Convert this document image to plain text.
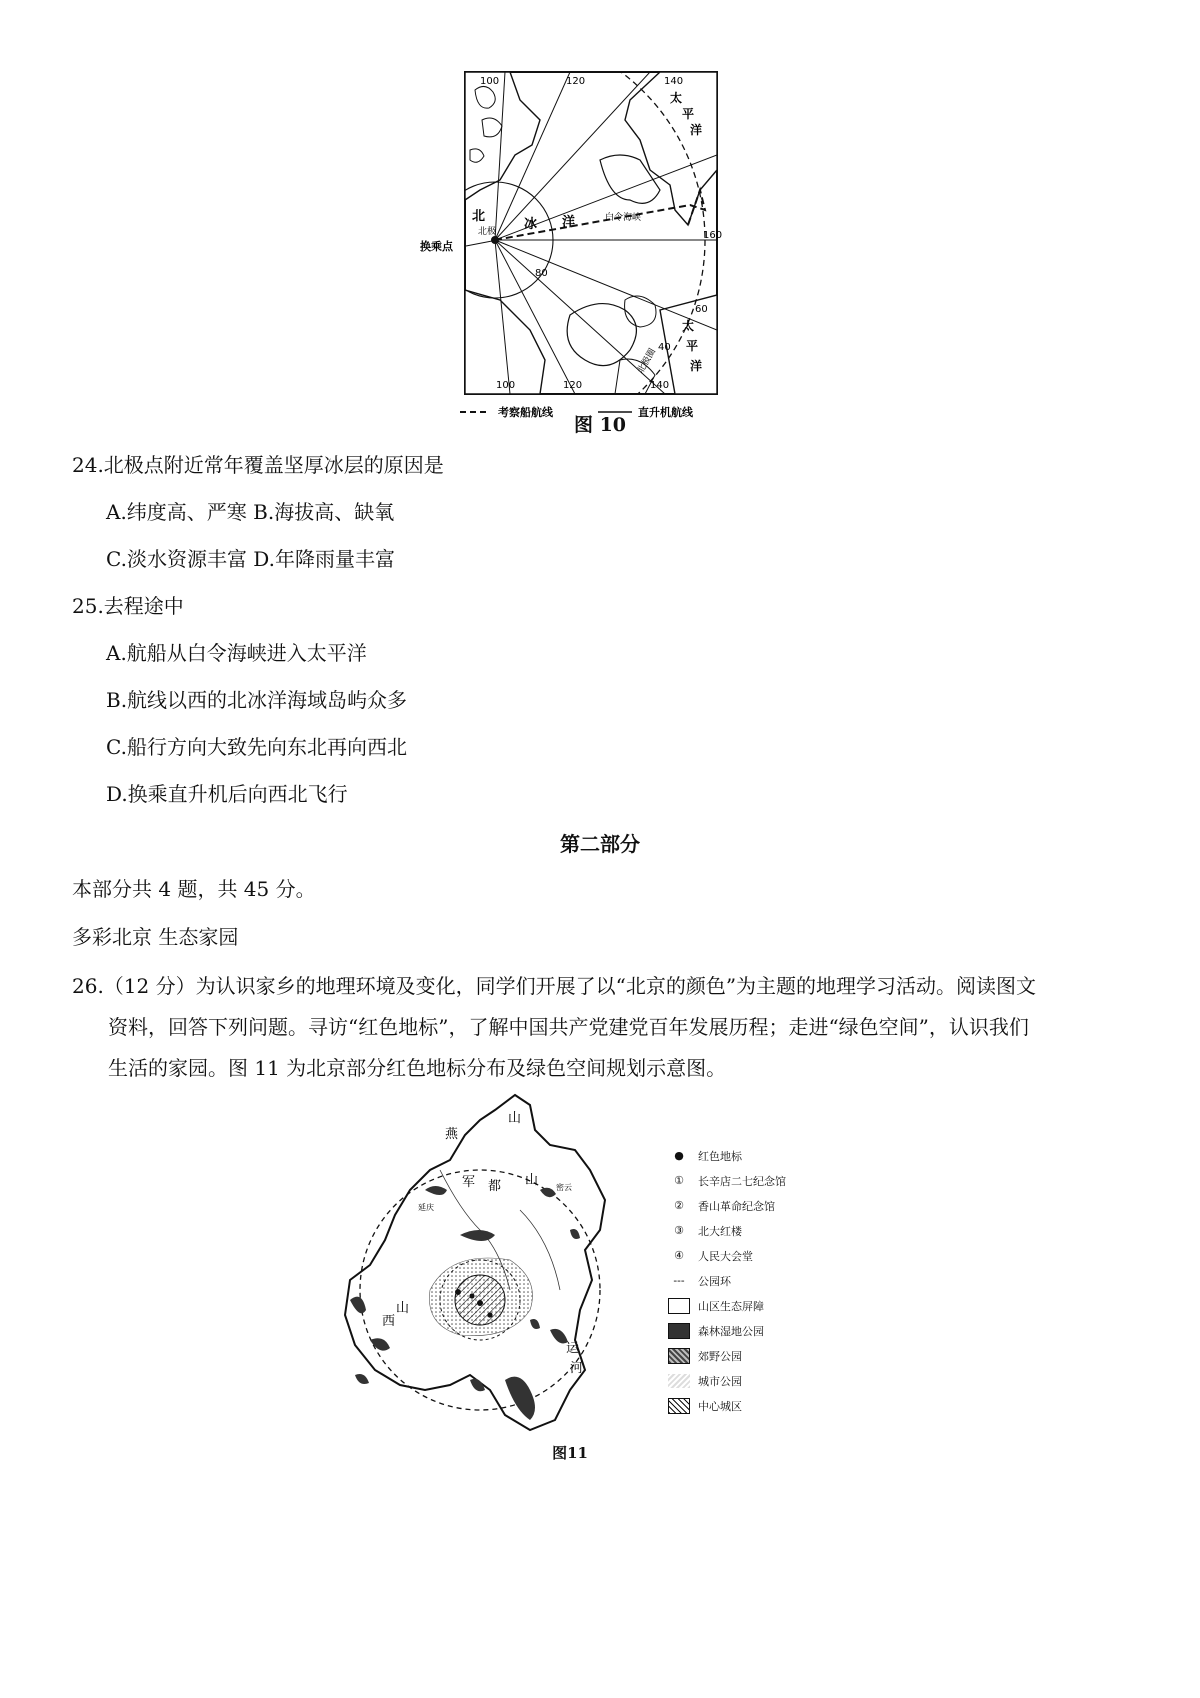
100	120	140
160
60
80
100	120	140
40
太
平
洋
太
平
洋
北
冰 洋
北极
白令海峡
北极圈
换乘点
考察船航线	直升机航线
图 10
24.北极点附近常年覆盖坚厚冰层的原因是
A.纬度高、严寒 B.海拔高、缺氧
C.淡水资源丰富 D.年降雨量丰富
25.去程途中
A.航船从白令海峡进入太平洋
B.航线以西的北冰洋海域岛屿众多
C.船行方向大致先向东北再向西北
D.换乘直升机后向西北飞行
第二部分
本部分共 4 题，共 45 分。
多彩北京 生态家园
26.（12 分）为认识家乡的地理环境及变化，同学们开展了以“北京的颜色”为主题的地理学习活动。阅读图文
资料，回答下列问题。寻访“红色地标”，了解中国共产党建党百年发展历程；走进“绿色空间”，认识我们
生活的家园。图 11 为北京部分红色地标分布及绿色空间规划示意图。
燕
山
山
军 都
西
山
运
河
延庆
密云
● 红色地标
① 长辛店二七纪念馆
② 香山革命纪念馆
③ 北大红楼
④ 人民大会堂
--- 公园环
山区生态屏障
森林湿地公园
郊野公园
城市公园
中心城区
图11
